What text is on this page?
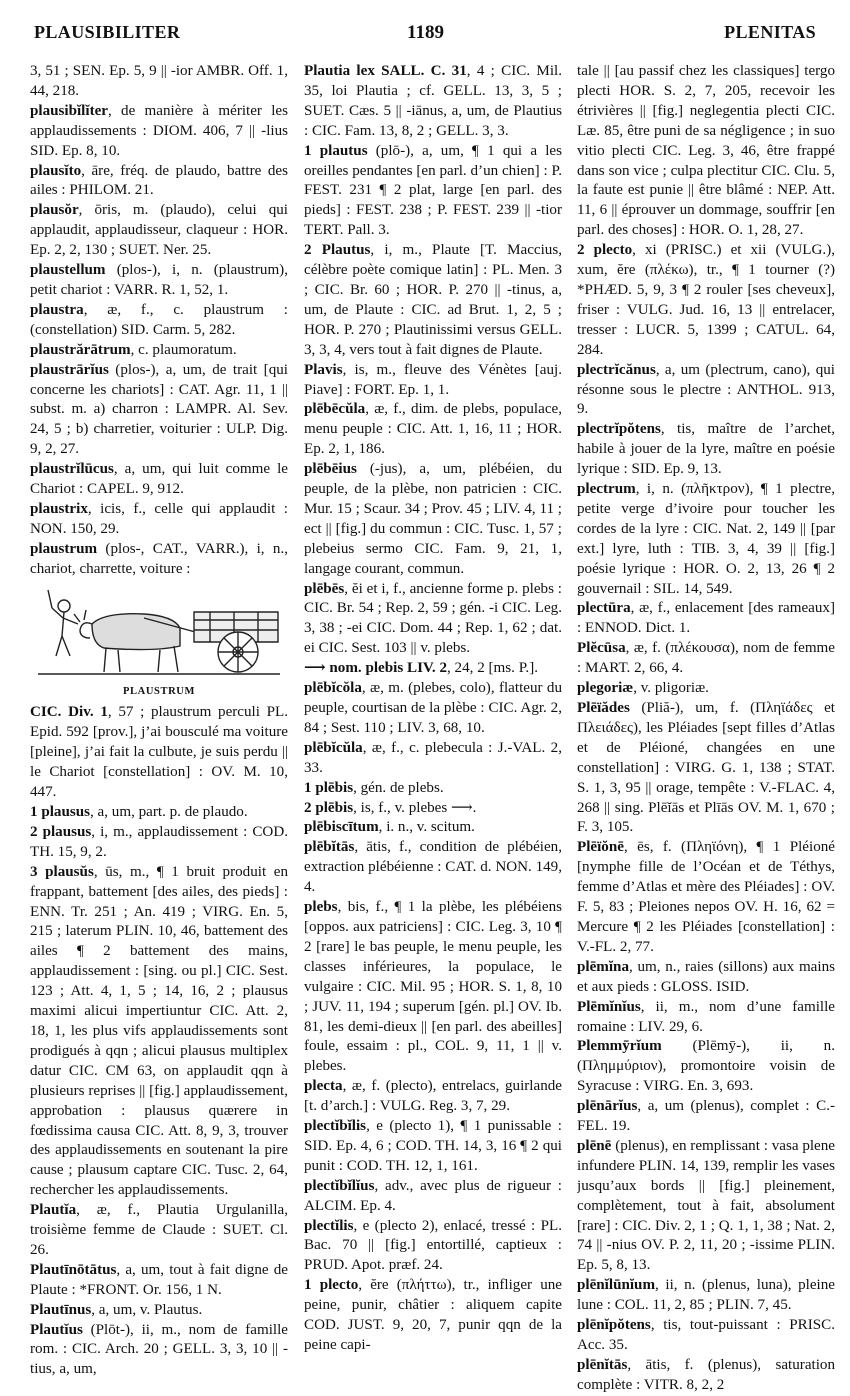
PLAUSIBILITER	1189	PLENITAS

3, 51 ; SEN. Ep. 5, 9 || -ior AMBR. Off. 1, 44, 218.

plausibĭlĭter, de manière à mériter les applaudissements : DIOM. 406, 7 || -lius SID. Ep. 8, 10.

plausĭto, āre, fréq. de plaudo, battre des ailes : PHILOM. 21.

plausŏr, ōris, m. (plaudo), celui qui applaudit, applaudisseur, claqueur : HOR. Ep. 2, 2, 130 ; SUET. Ner. 25.

plaustellum (plos-), i, n. (plaustrum), petit chariot : VARR. R. 1, 52, 1.

plaustra, æ, f., c. plaustrum : (constellation) SID. Carm. 5, 282.

plaustrărātrum, c. plaumoratum.

plaustrārĭus (plos-), a, um, de trait [qui concerne les chariots] : CAT. Agr. 11, 1 || subst. m. a) charron : LAMPR. Al. Sev. 24, 5 ; b) charretier, voiturier : ULP. Dig. 9, 2, 27.

plaustrĭlūcus, a, um, qui luit comme le Chariot : CAPEL. 9, 912.

plaustrix, icis, f., celle qui applaudit : NON. 150, 29.

plaustrum (plos-, CAT., VARR.), i, n., chariot, charrette, voiture :

PLAUSTRUM

CIC. Div. 1, 57 ; plaustrum perculi PL. Epid. 592 [prov.], j’ai bousculé ma voiture [pleine], j’ai fait la culbute, je suis perdu || le Chariot [constellation] : OV. M. 10, 447.

1 plausus, a, um, part. p. de plaudo.

2 plausus, i, m., applaudissement : COD. TH. 15, 9, 2.

3 plausŭs, ūs, m., ¶ 1 bruit produit en frappant, battement [des ailes, des pieds] : ENN. Tr. 251 ; An. 419 ; VIRG. En. 5, 215 ; laterum PLIN. 10, 46, battement des ailes ¶ 2 battement des mains, applaudissement : [sing. ou pl.] CIC. Sest. 123 ; Att. 4, 1, 5 ; 14, 16, 2 ; plausus maximi alicui impertiuntur CIC. Att. 2, 18, 1, les plus vifs applaudissements sont prodigués à qqn ; alicui plausus multiplex datur CIC. CM 63, on applaudit qqn à plusieurs reprises || [fig.] applaudissement, approbation : plausus quærere in fœdissima causa CIC. Att. 8, 9, 3, trouver des applaudissements en soutenant la pire cause ; plausum captare CIC. Tusc. 2, 64, rechercher les applaudissements.

Plautĭa, æ, f., Plautia Urgulanilla, troisième femme de Claude : SUET. Cl. 26.

Plautīnōtātus, a, um, tout à fait digne de Plaute : *FRONT. Or. 156, 1 N.

Plautīnus, a, um, v. Plautus.

Plautĭus (Plōt-), ii, m., nom de famille rom. : CIC. Arch. 20 ; GELL. 3, 3, 10 || -tius, a, um,

Plautia lex SALL. C. 31, 4 ; CIC. Mil. 35, loi Plautia ; cf. GELL. 13, 3, 5 ; SUET. Cæs. 5 || -iānus, a, um, de Plautius : CIC. Fam. 13, 8, 2 ; GELL. 3, 3.

1 plautus (plō-), a, um, ¶ 1 qui a les oreilles pendantes [en parl. d’un chien] : P. FEST. 231 ¶ 2 plat, large [en parl. des pieds] : FEST. 238 ; P. FEST. 239 || -tior TERT. Pall. 3.

2 Plautus, i, m., Plaute [T. Maccius, célèbre poète comique latin] : PL. Men. 3 ; CIC. Br. 60 ; HOR. P. 270 || -tinus, a, um, de Plaute : CIC. ad Brut. 1, 2, 5 ; HOR. P. 270 ; Plautinissimi versus GELL. 3, 3, 4, vers tout à fait dignes de Plaute.

Plavis, is, m., fleuve des Vénètes [auj. Piave] : FORT. Ep. 1, 1.

plēbēcŭla, æ, f., dim. de plebs, populace, menu peuple : CIC. Att. 1, 16, 11 ; HOR. Ep. 2, 1, 186.

plēbēius (-jus), a, um, plébéien, du peuple, de la plèbe, non patricien : CIC. Mur. 15 ; Scaur. 34 ; Prov. 45 ; LIV. 4, 11 ; ect || [fig.] du commun : CIC. Tusc. 1, 57 ; plebeius sermo CIC. Fam. 9, 21, 1, langage courant, commun.

plēbēs, ĕi et i, f., ancienne forme p. plebs : CIC. Br. 54 ; Rep. 2, 59 ; gén. -i CIC. Leg. 3, 38 ; -ei CIC. Dom. 44 ; Rep. 1, 62 ; dat. ei CIC. Sest. 103 || v. plebs.

⟶ nom. plebis LIV. 2, 24, 2 [ms. P.].

plēbĭcŏla, æ, m. (plebes, colo), flatteur du peuple, courtisan de la plèbe : CIC. Agr. 2, 84 ; Sest. 110 ; LIV. 3, 68, 10.

plēbĭcŭla, æ, f., c. plebecula : J.-VAL. 2, 33.

1 plēbis, gén. de plebs.

2 plēbis, is, f., v. plebes ⟶.

plēbiscītum, i. n., v. scitum.

plēbĭtās, ātis, f., condition de plébéien, extraction plébéienne : CAT. d. NON. 149, 4.

plebs, bis, f., ¶ 1 la plèbe, les plébéiens [oppos. aux patriciens] : CIC. Leg. 3, 10 ¶ 2 [rare] le bas peuple, le menu peuple, les classes inférieures, la populace, le vulgaire : CIC. Mil. 95 ; HOR. S. 1, 8, 10 ; JUV. 11, 194 ; superum [gén. pl.] OV. Ib. 81, les demi-dieux || [en parl. des abeilles] foule, essaim : pl., COL. 9, 11, 1 || v. plebes.

plecta, æ, f. (plecto), entrelacs, guirlande [t. d’arch.] : VULG. Reg. 3, 7, 29.

plectĭbĭlis, e (plecto 1), ¶ 1 punissable : SID. Ep. 4, 6 ; COD. TH. 14, 3, 16 ¶ 2 qui punit : COD. TH. 12, 1, 161.

plectĭbĭlĭus, adv., avec plus de rigueur : ALCIM. Ep. 4.

plectĭlis, e (plecto 2), enlacé, tressé : PL. Bac. 70 || [fig.] entortillé, captieux : PRUD. Apot. præf. 24.

1 plecto, ĕre (πλήττω), tr., infliger une peine, punir, châtier : aliquem capite COD. JUST. 9, 20, 7, punir qqn de la peine capi-

tale || [au passif chez les classiques] tergo plecti HOR. S. 2, 7, 205, recevoir les étrivières || [fig.] neglegentia plecti CIC. Læ. 85, être puni de sa négligence ; in suo vitio plecti CIC. Leg. 3, 46, être frappé dans son vice ; culpa plectitur CIC. Clu. 5, la faute est punie || être blâmé : NEP. Att. 11, 6 || éprouver un dommage, souffrir [en parl. des choses] : HOR. O. 1, 28, 27.

2 plecto, xi (PRISC.) et xii (VULG.), xum, ĕre (πλέκω), tr., ¶ 1 tourner (?) *PHÆD. 5, 9, 3 ¶ 2 rouler [ses cheveux], friser : VULG. Jud. 16, 13 || entrelacer, tresser : LUCR. 5, 1399 ; CATUL. 64, 284.

plectrĭcănus, a, um (plectrum, cano), qui résonne sous le plectre : ANTHOL. 913, 9.

plectrĭpŏtens, tis, maître de l’archet, habile à jouer de la lyre, maître en poésie lyrique : SID. Ep. 9, 13.

plectrum, i, n. (πλῆκτρον), ¶ 1 plectre, petite verge d’ivoire pour toucher les cordes de la lyre : CIC. Nat. 2, 149 || [par ext.] lyre, luth : TIB. 3, 4, 39 || [fig.] poésie lyrique : HOR. O. 2, 13, 26 ¶ 2 gouvernail : SIL. 14, 549.

plectūra, æ, f., enlacement [des rameaux] : ENNOD. Dict. 1.

Plĕcūsa, æ, f. (πλέκουσα), nom de femme : MART. 2, 66, 4.

plegoriæ, v. pligoriæ.

Plēïădes (Pliă-), um, f. (Πληϊάδες et Πλειάδες), les Pléiades [sept filles d’Atlas et de Pléioné, changées en une constellation] : VIRG. G. 1, 138 ; STAT. S. 1, 3, 95 || orage, tempête : V.-FLAC. 4, 268 || sing. Plēĭās et Plīās OV. M. 1, 670 ; F. 3, 105.

Plēïŏnē, ēs, f. (Πληϊόνη), ¶ 1 Pléioné [nymphe fille de l’Océan et de Téthys, femme d’Atlas et mère des Pléiades] : OV. F. 5, 83 ; Pleiones nepos OV. H. 16, 62 = Mercure ¶ 2 les Pléiades [constellation] : V.-FL. 2, 77.

plēmĭna, um, n., raies (sillons) aux mains et aux pieds : GLOSS. ISID.

Plēmĭnĭus, ii, m., nom d’une famille romaine : LIV. 29, 6.

Plemmȳrĭum (Plēmȳ-), ii, n. (Πλημμύριον), promontoire voisin de Syracuse : VIRG. En. 3, 693.

plēnārĭus, a, um (plenus), complet : C.-FEL. 19.

plēnē (plenus), en remplissant : vasa plene infundere PLIN. 14, 139, remplir les vases jusqu’aux bords || [fig.] pleinement, complètement, tout à fait, absolument [rare] : CIC. Div. 2, 1 ; Q. 1, 1, 38 ; Nat. 2, 74 || -nius OV. P. 2, 11, 20 ; -issime PLIN. Ep. 5, 8, 13.

plēnĭlūnĭum, ii, n. (plenus, luna), pleine lune : COL. 11, 2, 85 ; PLIN. 7, 45.

plēnĭpŏtens, tis, tout-puissant : PRISC. Acc. 35.

plēnĭtās, ātis, f. (plenus), saturation complète : VITR. 8, 2, 2
